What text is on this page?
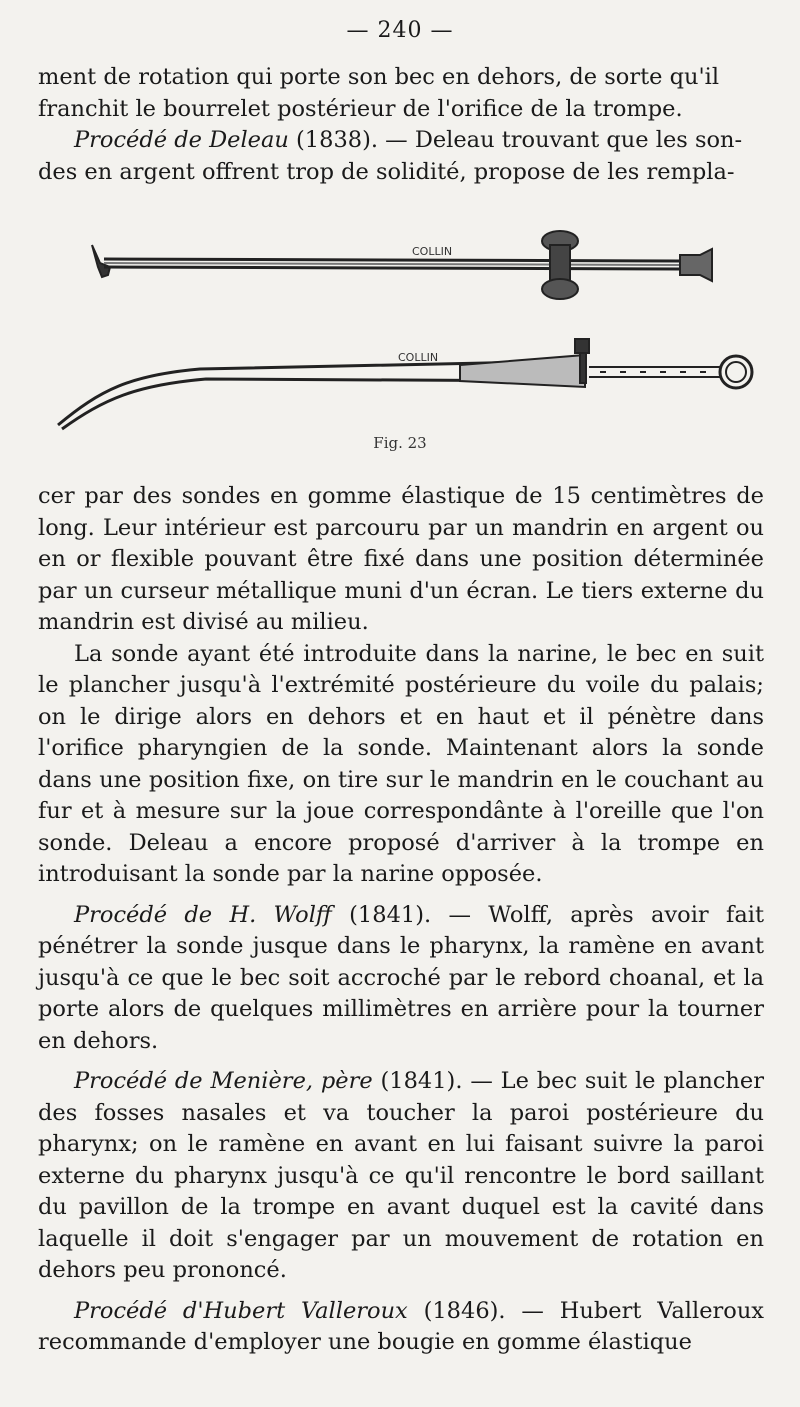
— 240 —
ment de rotation qui porte son bec en dehors, de sorte qu'il
franchit le bourrelet postérieur de l'orifice de la trompe.
Procédé de Deleau (1838). — Deleau trouvant que les son-
des en argent offrent trop de solidité, propose de les rempla-
COLLIN
COLLIN
Fig. 23

cer par des sondes en gomme élastique de 15 centimètres de long. Leur intérieur est parcouru par un mandrin en argent ou en or flexible pouvant être fixé dans une position déterminée par un curseur métallique muni d'un écran. Le tiers externe du mandrin est divisé au milieu.

La sonde ayant été introduite dans la narine, le bec en suit le plancher jusqu'à l'extrémité postérieure du voile du palais; on le dirige alors en dehors et en haut et il pénètre dans l'orifice pharyngien de la sonde. Maintenant alors la sonde dans une position fixe, on tire sur le mandrin en le couchant au fur et à mesure sur la joue correspondânte à l'oreille que l'on sonde. Deleau a encore proposé d'arriver à la trompe en introduisant la sonde par la narine opposée.

Procédé de H. Wolff (1841). — Wolff, après avoir fait pénétrer la sonde jusque dans le pharynx, la ramène en avant jusqu'à ce que le bec soit accroché par le rebord choanal, et la porte alors de quelques millimètres en arrière pour la tourner en dehors.

Procédé de Menière, père (1841). — Le bec suit le plancher des fosses nasales et va toucher la paroi postérieure du pharynx; on le ramène en avant en lui faisant suivre la paroi externe du pharynx jusqu'à ce qu'il rencontre le bord saillant du pavillon de la trompe en avant duquel est la cavité dans laquelle il doit s'engager par un mouvement de rotation en dehors peu prononcé.

Procédé d'Hubert Valleroux (1846). — Hubert Valleroux recommande d'employer une bougie en gomme élastique
